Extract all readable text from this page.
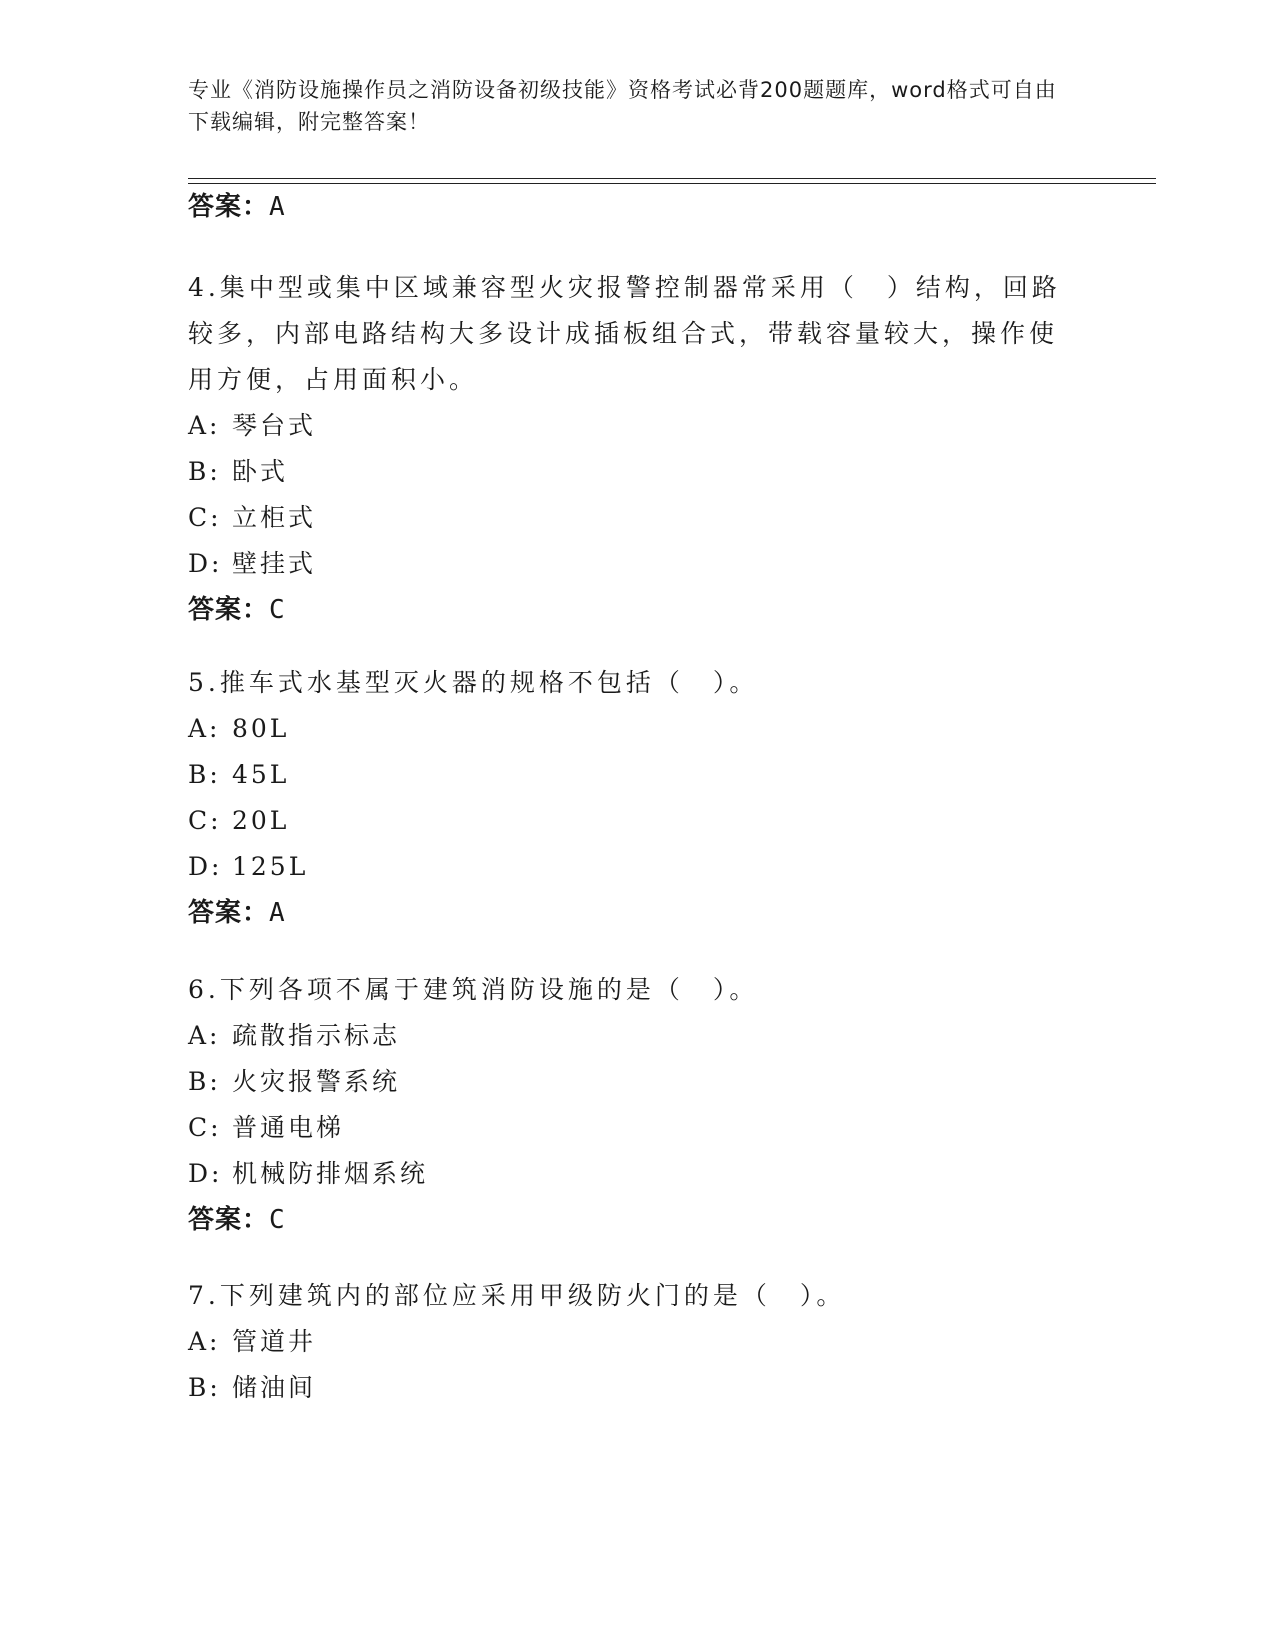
专业《消防设施操作员之消防设备初级技能》资格考试必背200题题库，word格式可自由下载编辑，附完整答案！
答案：A
4.集中型或集中区域兼容型火灾报警控制器常采用（　）结构，回路较多，内部电路结构大多设计成插板组合式，带载容量较大，操作使用方便，占用面积小。
A: 琴台式
B: 卧式
C: 立柜式
D: 壁挂式
答案：C
5.推车式水基型灭火器的规格不包括（　）。
A: 80L
B: 45L
C: 20L
D: 125L
答案：A
6.下列各项不属于建筑消防设施的是（　）。
A: 疏散指示标志
B: 火灾报警系统
C: 普通电梯
D: 机械防排烟系统
答案：C
7.下列建筑内的部位应采用甲级防火门的是（　）。
A: 管道井
B: 储油间
